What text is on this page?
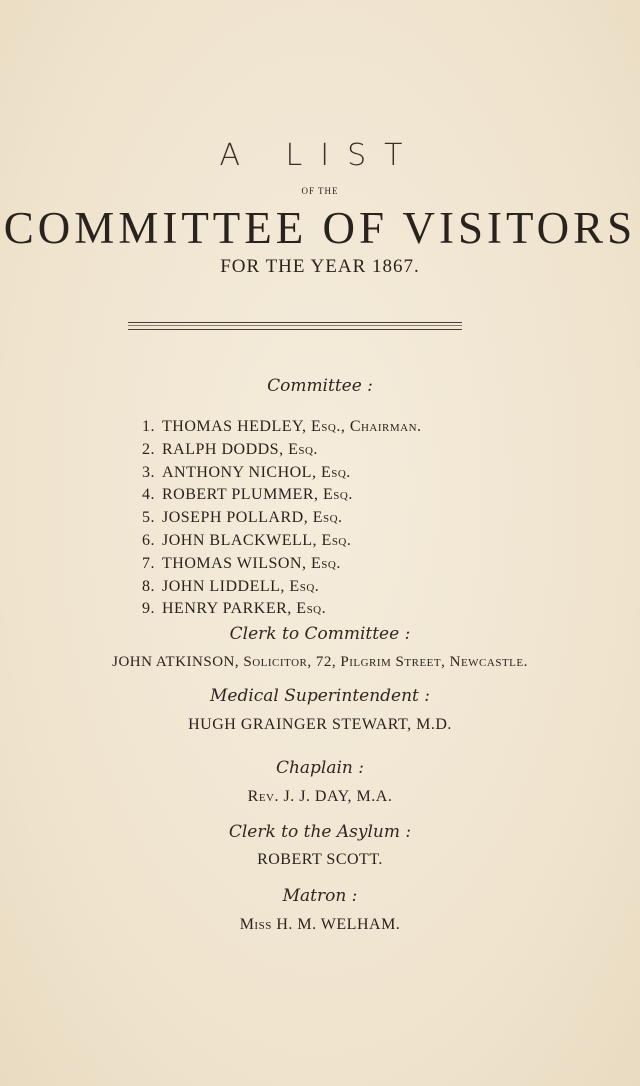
A LIST
OF THE
COMMITTEE OF VISITORS
FOR THE YEAR 1867.
Committee :
1. THOMAS HEDLEY, Esq., Chairman.
2. RALPH DODDS, Esq.
3. ANTHONY NICHOL, Esq.
4. ROBERT PLUMMER, Esq.
5. JOSEPH POLLARD, Esq.
6. JOHN BLACKWELL, Esq.
7. THOMAS WILSON, Esq.
8. JOHN LIDDELL, Esq.
9. HENRY PARKER, Esq.
Clerk to Committee :
JOHN ATKINSON, Solicitor, 72, Pilgrim Street, Newcastle.
Medical Superintendent :
HUGH GRAINGER STEWART, M.D.
Chaplain :
Rev. J. J. DAY, M.A.
Clerk to the Asylum :
ROBERT SCOTT.
Matron :
Miss H. M. WELHAM.
